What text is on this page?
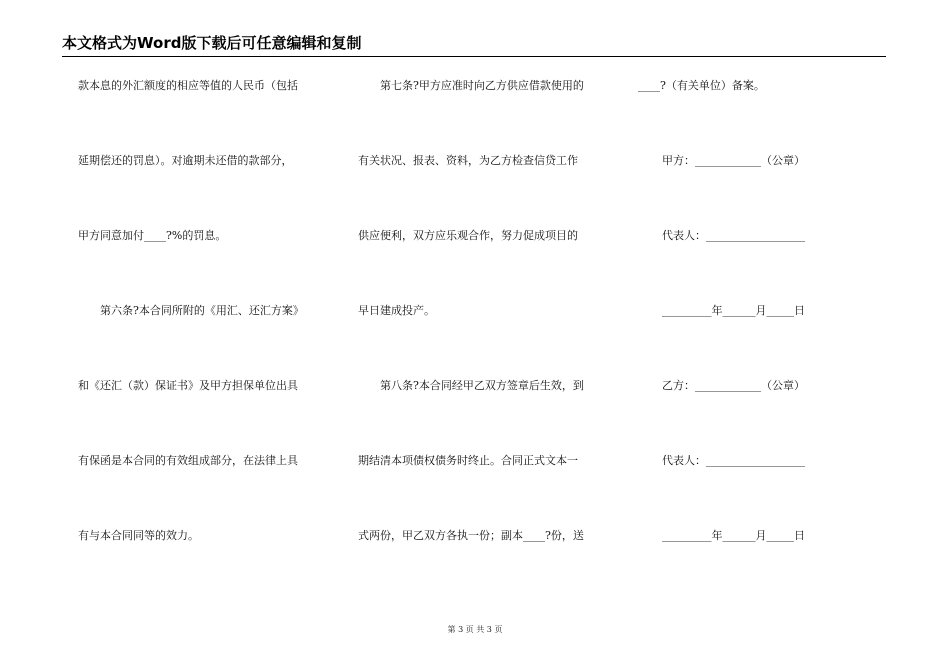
本文格式为Word版下载后可任意编辑和复制
款本息的外汇额度的相应等值的人民币（包括
延期偿还的罚息）。对逾期未还借的款部分，
甲方同意加付____?%的罚息。
　　第六条?本合同所附的《用汇、还汇方案》
和《还汇（款）保证书》及甲方担保单位出具
有保函是本合同的有效组成部分，在法律上具
有与本合同同等的效力。
　　第七条?甲方应准时向乙方供应借款使用的
有关状况、报表、资料，为乙方检查信贷工作
供应便利，双方应乐观合作，努力促成项目的
早日建成投产。
　　第八条?本合同经甲乙双方签章后生效，到
期结清本项债权债务时终止。合同正式文本一
式两份，甲乙双方各执一份；副本____?份，送
____?（有关单位）备案。
甲方：____________（公章）
代表人：__________________
_________年______月_____日
乙方：____________（公章）
代表人：__________________
_________年______月_____日
第 3 页 共 3 页
